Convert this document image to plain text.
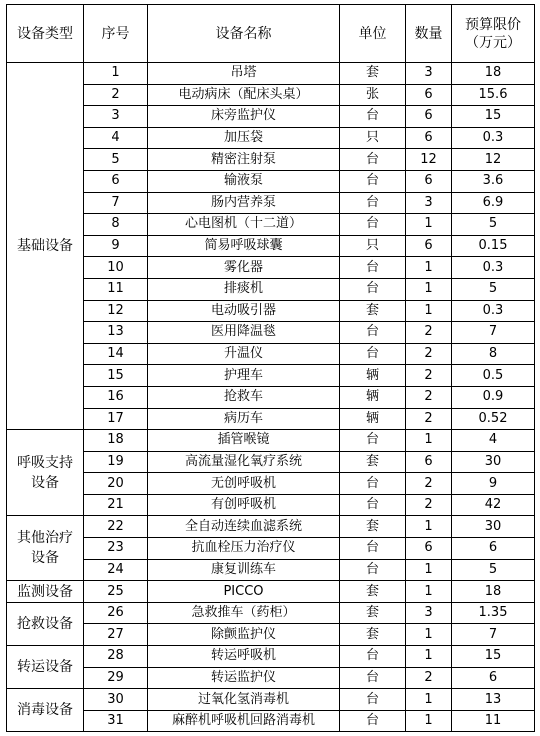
设备类型	序号	设备名称	单位	数量	预算限价（万元）
基础设备	1	吊塔	套	3	18
	2	电动病床（配床头桌）	张	6	15.6
	3	床旁监护仪	台	6	15
	4	加压袋	只	6	0.3
	5	精密注射泵	台	12	12
	6	输液泵	台	6	3.6
	7	肠内营养泵	台	3	6.9
	8	心电图机（十二道）	台	1	5
	9	简易呼吸球囊	只	6	0.15
	10	雾化器	台	1	0.3
	11	排痰机	台	1	5
	12	电动吸引器	套	1	0.3
	13	医用降温毯	台	2	7
	14	升温仪	台	2	8
	15	护理车	辆	2	0.5
	16	抢救车	辆	2	0.9
	17	病历车	辆	2	0.52
呼吸支持设备	18	插管喉镜	台	1	4
	19	高流量湿化氧疗系统	套	6	30
	20	无创呼吸机	台	2	9
	21	有创呼吸机	台	2	42
其他治疗设备	22	全自动连续血滤系统	套	1	30
	23	抗血栓压力治疗仪	台	6	6
	24	康复训练车	台	1	5
监测设备	25	PICCO	套	1	18
抢救设备	26	急救推车（药柜）	套	3	1.35
	27	除颤监护仪	套	1	7
转运设备	28	转运呼吸机	台	1	15
	29	转运监护仪	台	2	6
消毒设备	30	过氧化氢消毒机	台	1	13
	31	麻醉机呼吸机回路消毒机	台	1	11
